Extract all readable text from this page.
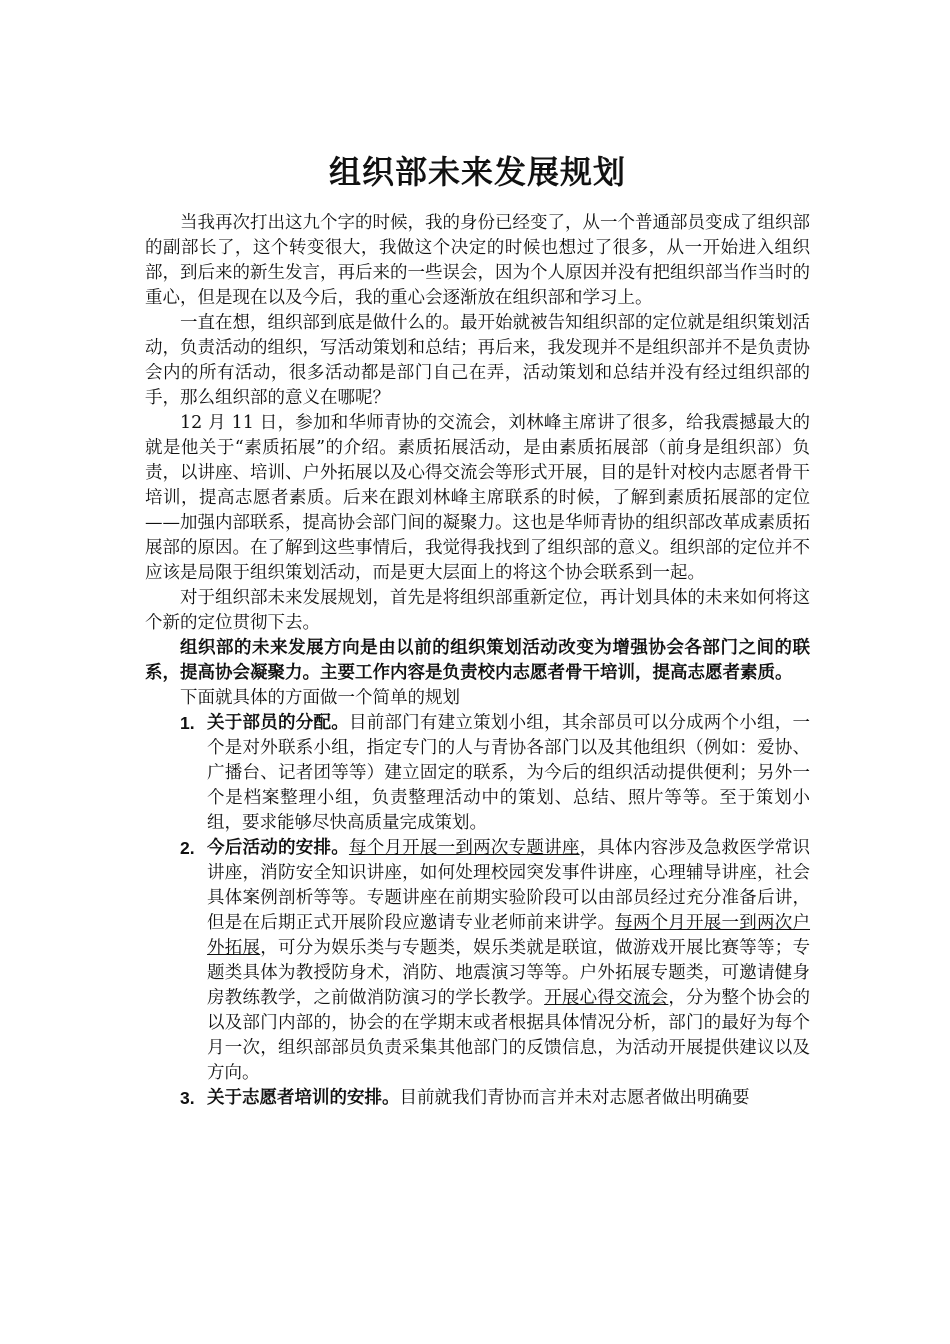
组织部未来发展规划

当我再次打出这九个字的时候，我的身份已经变了，从一个普通部员变成了组织部的副部长了，这个转变很大，我做这个决定的时候也想过了很多，从一开始进入组织部，到后来的新生发言，再后来的一些误会，因为个人原因并没有把组织部当作当时的重心，但是现在以及今后，我的重心会逐渐放在组织部和学习上。

一直在想，组织部到底是做什么的。最开始就被告知组织部的定位就是组织策划活动，负责活动的组织，写活动策划和总结；再后来，我发现并不是组织部并不是负责协会内的所有活动，很多活动都是部门自己在弄，活动策划和总结并没有经过组织部的手，那么组织部的意义在哪呢？

12 月 11 日，参加和华师青协的交流会，刘林峰主席讲了很多，给我震撼最大的就是他关于“素质拓展”的介绍。素质拓展活动，是由素质拓展部（前身是组织部）负责，以讲座、培训、户外拓展以及心得交流会等形式开展，目的是针对校内志愿者骨干培训，提高志愿者素质。后来在跟刘林峰主席联系的时候，了解到素质拓展部的定位——加强内部联系，提高协会部门间的凝聚力。这也是华师青协的组织部改革成素质拓展部的原因。在了解到这些事情后，我觉得我找到了组织部的意义。组织部的定位并不应该是局限于组织策划活动，而是更大层面上的将这个协会联系到一起。

对于组织部未来发展规划，首先是将组织部重新定位，再计划具体的未来如何将这个新的定位贯彻下去。

组织部的未来发展方向是由以前的组织策划活动改变为增强协会各部门之间的联系，提高协会凝聚力。主要工作内容是负责校内志愿者骨干培训，提高志愿者素质。

下面就具体的方面做一个简单的规划

1. 关于部员的分配。目前部门有建立策划小组，其余部员可以分成两个小组，一个是对外联系小组，指定专门的人与青协各部门以及其他组织（例如：爱协、广播台、记者团等等）建立固定的联系，为今后的组织活动提供便利；另外一个是档案整理小组，负责整理活动中的策划、总结、照片等等。至于策划小组，要求能够尽快高质量完成策划。
2. 今后活动的安排。每个月开展一到两次专题讲座，具体内容涉及急救医学常识讲座，消防安全知识讲座，如何处理校园突发事件讲座，心理辅导讲座，社会具体案例剖析等等。专题讲座在前期实验阶段可以由部员经过充分准备后讲，但是在后期正式开展阶段应邀请专业老师前来讲学。每两个月开展一到两次户外拓展，可分为娱乐类与专题类，娱乐类就是联谊，做游戏开展比赛等等；专题类具体为教授防身术，消防、地震演习等等。户外拓展专题类，可邀请健身房教练教学，之前做消防演习的学长教学。开展心得交流会，分为整个协会的以及部门内部的，协会的在学期末或者根据具体情况分析，部门的最好为每个月一次，组织部部员负责采集其他部门的反馈信息，为活动开展提供建议以及方向。
3. 关于志愿者培训的安排。目前就我们青协而言并未对志愿者做出明确要
